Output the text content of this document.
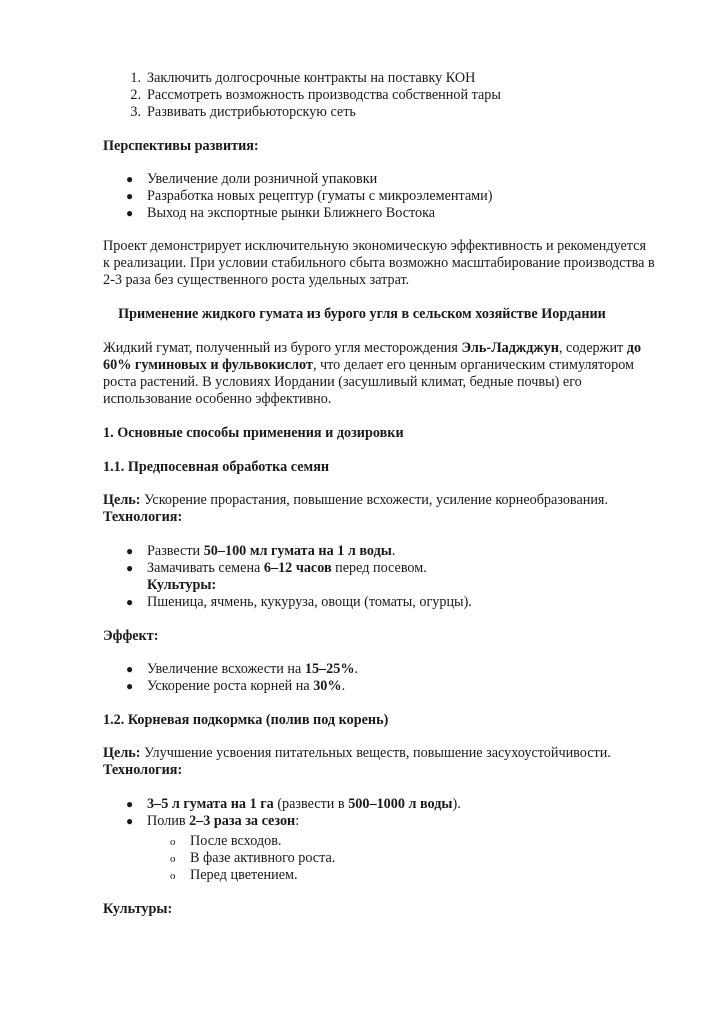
1. Заключить долгосрочные контракты на поставку КОН
2. Рассмотреть возможность производства собственной тары
3. Развивать дистрибьюторскую сеть
Перспективы развития:
● Увеличение доли розничной упаковки
● Разработка новых рецептур (гуматы с микроэлементами)
● Выход на экспортные рынки Ближнего Востока
Проект демонстрирует исключительную экономическую эффективность и рекомендуется
к реализации. При условии стабильного сбыта возможно масштабирование производства в
2-3 раза без существенного роста удельных затрат.
Применение жидкого гумата из бурого угля в сельском хозяйстве Иордании
Жидкий гумат, полученный из бурого угля месторождения Эль-Ладжджун, содержит до
60% гуминовых и фульвокислот, что делает его ценным органическим стимулятором
роста растений. В условиях Иордании (засушливый климат, бедные почвы) его
использование особенно эффективно.
1. Основные способы применения и дозировки
1.1. Предпосевная обработка семян
Цель: Ускорение прорастания, повышение всхожести, усиление корнеобразования.
Технология:
● Развести 50–100 мл гумата на 1 л воды.
● Замачивать семена 6–12 часов перед посевом.
Культуры:
● Пшеница, ячмень, кукуруза, овощи (томаты, огурцы).
Эффект:
● Увеличение всхожести на 15–25%.
● Ускорение роста корней на 30%.
1.2. Корневая подкормка (полив под корень)
Цель: Улучшение усвоения питательных веществ, повышение засухоустойчивости.
Технология:
● 3–5 л гумата на 1 га (развести в 500–1000 л воды).
● Полив 2–3 раза за сезон:
o После всходов.
o В фазе активного роста.
o Перед цветением.
Культуры:
